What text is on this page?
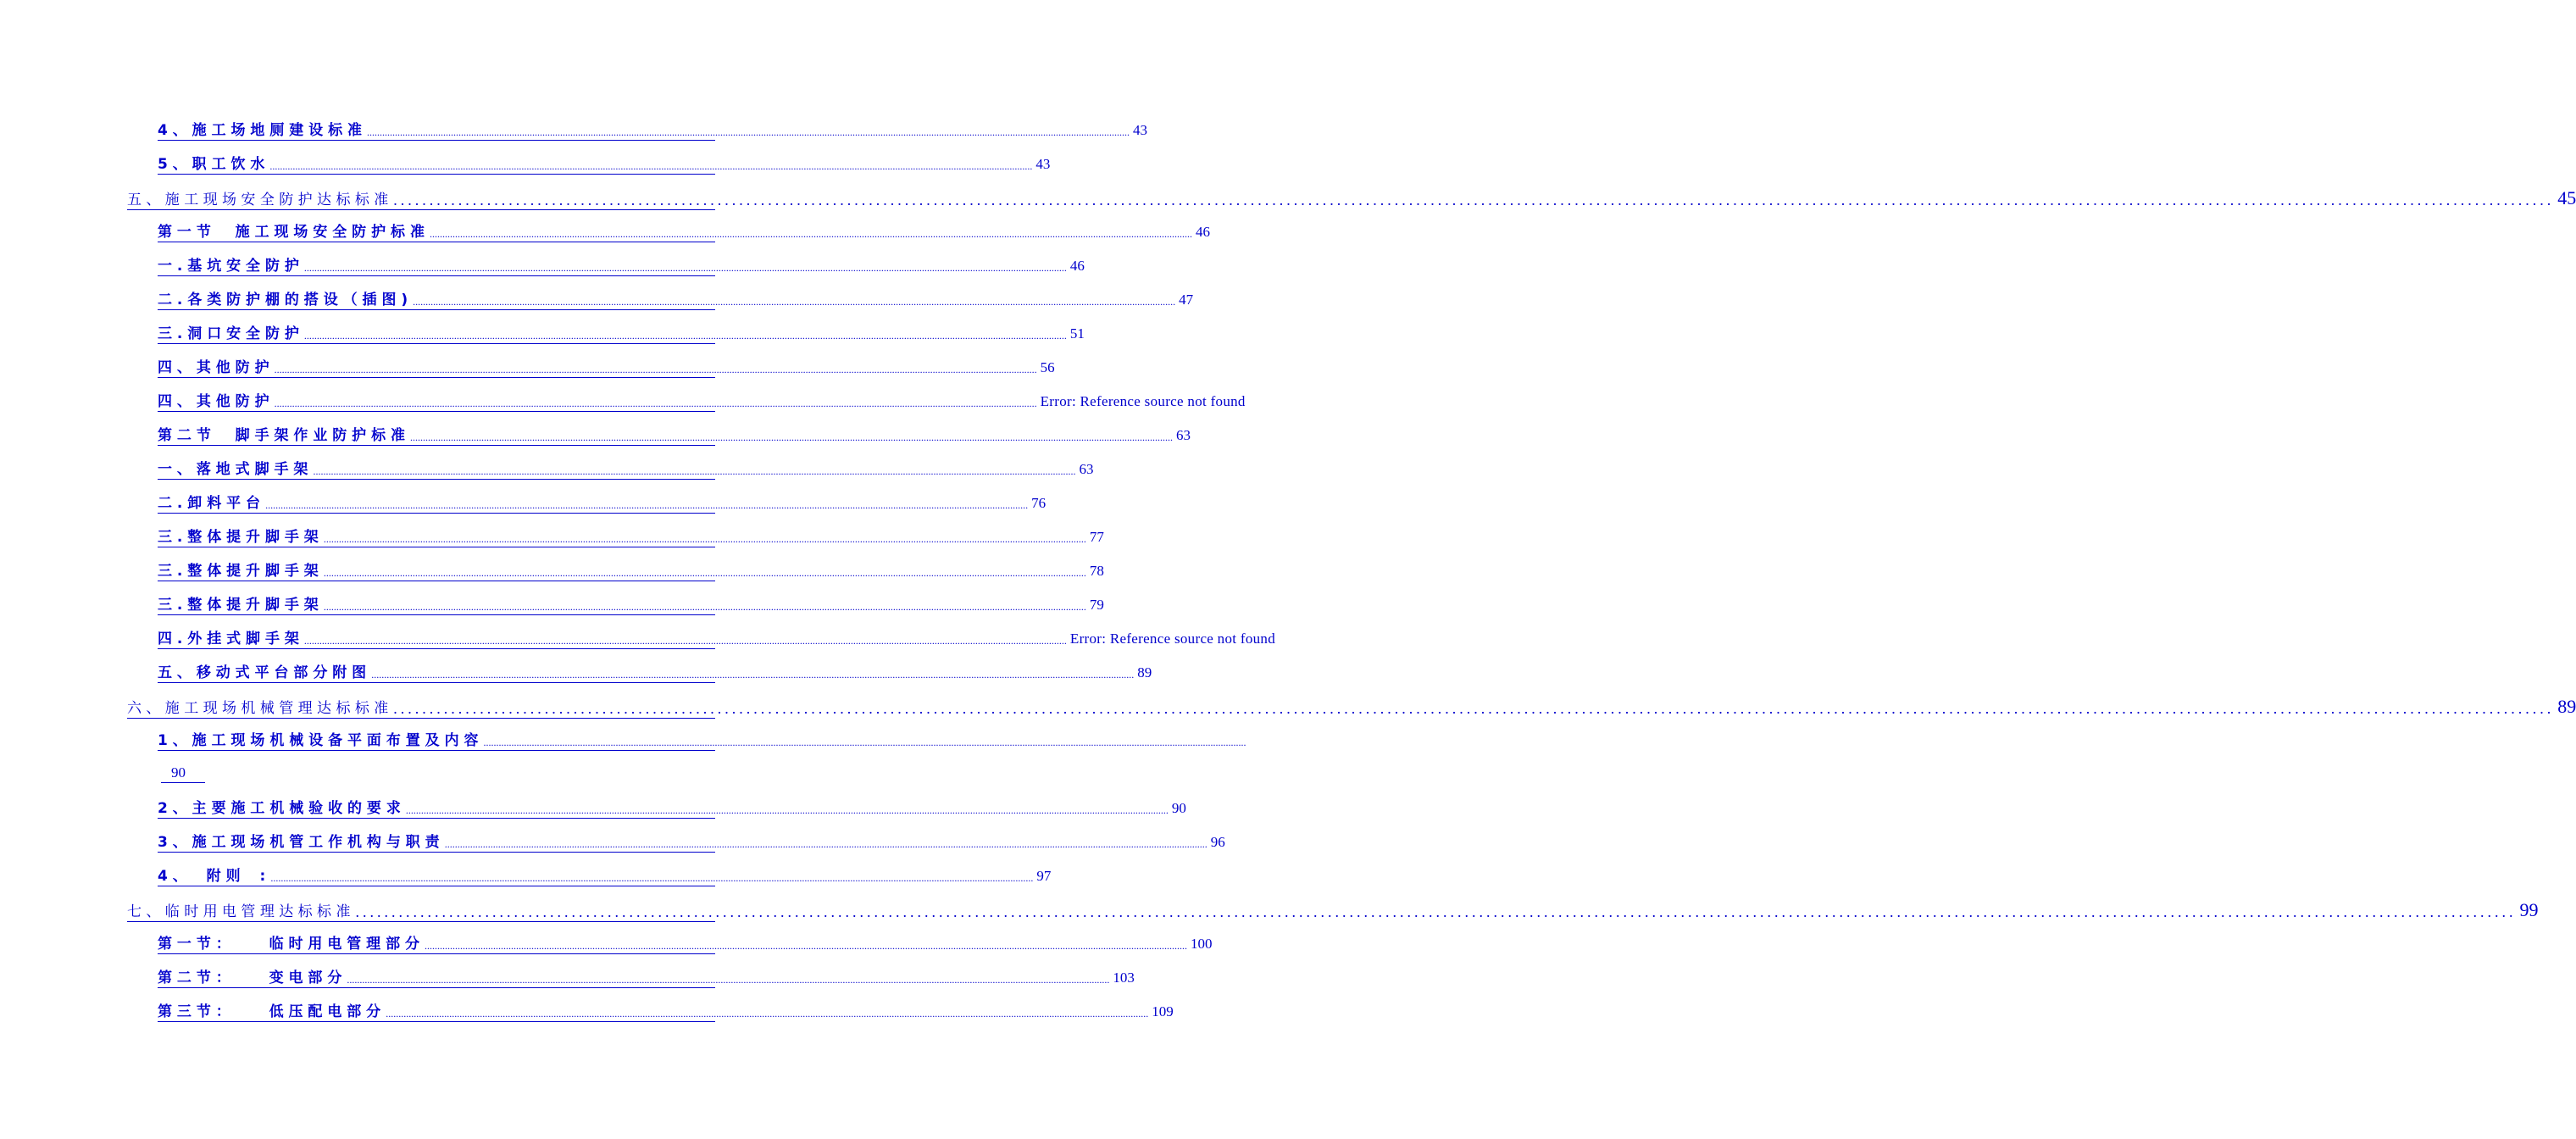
4 、 施 工 场 地 厕 建 设 标 准 ............................................................................................................................................................................................................................................................................................................ 43
5 、 职 工 饮 水 ............................................................................................................................................................................................................................................................................................................ 43
五 、 施 工 现 场 安 全 防 护 达 标 标 准 ............................................................................................................................................................................................................................................................................................................ 45
第 一 节 　 施 工 现 场 安 全 防 护 标 准 ............................................................................................................................................................................................................................................................................................................ 46
一 . 基 坑 安 全 防 护 ............................................................................................................................................................................................................................................................................................................ 46
二 . 各 类 防 护 棚 的 搭 设 （ 插 图 ) ............................................................................................................................................................................................................................................................................................................ 47
三 . 洞 口 安 全 防 护 ............................................................................................................................................................................................................................................................................................................ 51
四 、 其 他 防 护 ............................................................................................................................................................................................................................................................................................................ 56
四 、 其 他 防 护 ............................................................................................................................................................................................................................................................................................................ Error: Reference source not found
第 二 节 　 脚 手 架 作 业 防 护 标 准 ............................................................................................................................................................................................................................................................................................................ 63
一 、 落 地 式 脚 手 架 ............................................................................................................................................................................................................................................................................................................ 63
二 . 卸 料 平 台 ............................................................................................................................................................................................................................................................................................................ 76
三 . 整 体 提 升 脚 手 架 ............................................................................................................................................................................................................................................................................................................ 77
三 . 整 体 提 升 脚 手 架 ............................................................................................................................................................................................................................................................................................................ 78
三 . 整 体 提 升 脚 手 架 ............................................................................................................................................................................................................................................................................................................ 79
四 . 外 挂 式 脚 手 架 ............................................................................................................................................................................................................................................................................................................ Error: Reference source not found
五 、 移 动 式 平 台 部 分 附 图 ............................................................................................................................................................................................................................................................................................................ 89
六 、 施 工 现 场 机 械 管 理 达 标 标 准 ............................................................................................................................................................................................................................................................................................................ 89
1 、 施 工 现 场 机 械 设 备 平 面 布 置 及 内 容 ............................................................................................................................................................................................................................................................................................................
2 、 主 要 施 工 机 械 验 收 的 要 求 ............................................................................................................................................................................................................................................................................................................ 90
3 、 施 工 现 场 机 管 工 作 机 构 与 职 责 ............................................................................................................................................................................................................................................................................................................ 96
4 、 　附 则 　: ............................................................................................................................................................................................................................................................................................................ 97
七 、 临 时 用 电 管 理 达 标 标 准 ............................................................................................................................................................................................................................................................................................................ 99
第 一 节 ： 　　 临 时 用 电 管 理 部 分 ............................................................................................................................................................................................................................................................................................................ 100
第 二 节 ： 　　 变 电 部 分 ............................................................................................................................................................................................................................................................................................................ 103
第 三 节 ： 　　 低 压 配 电 部 分 ............................................................................................................................................................................................................................................................................................................ 109
90
